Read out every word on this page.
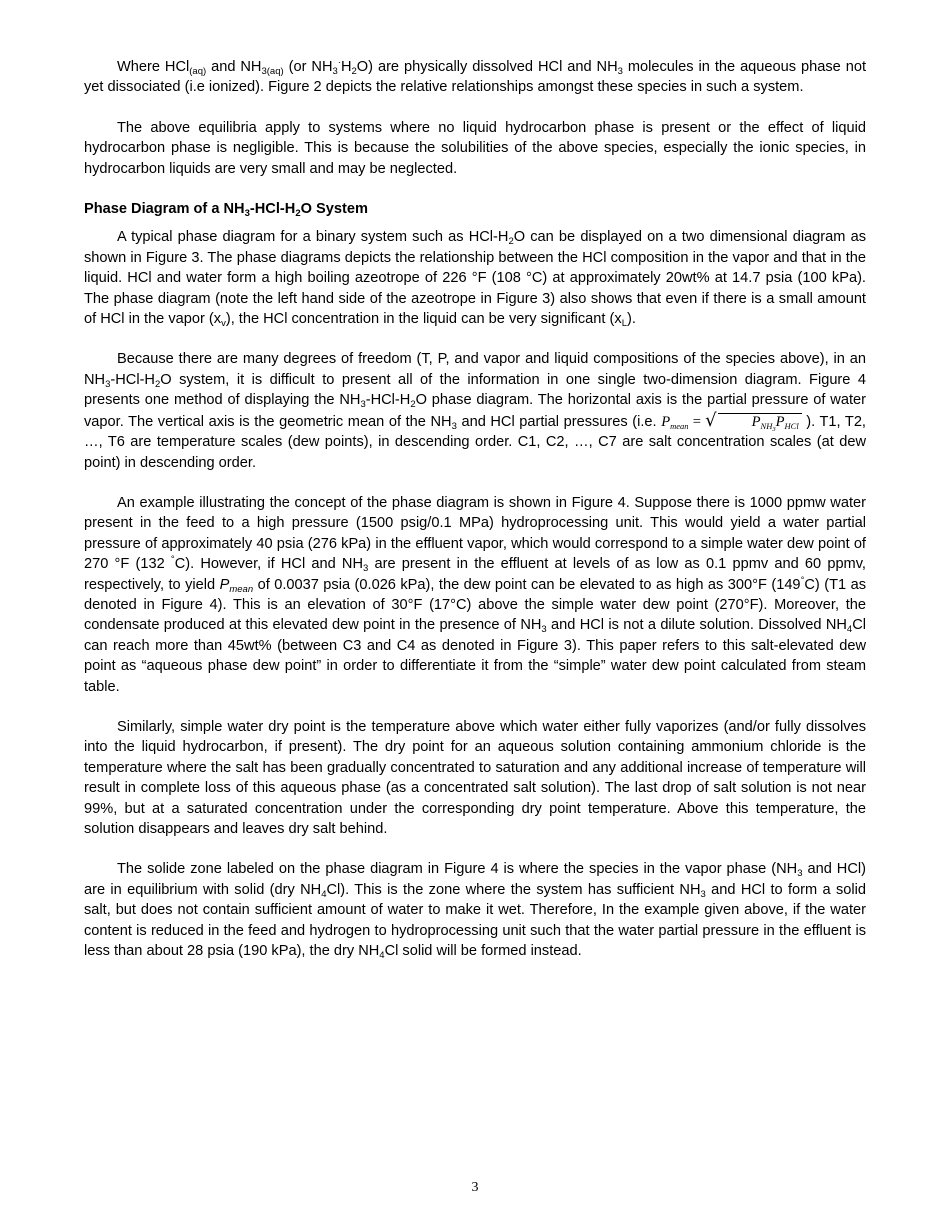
Where HCl$_{(aq)}$ and $NH_{3(aq)}$ (or $NH_3^\cdot H_2O$) are physically dissolved HCl and $NH_3$ molecules in the aqueous phase not yet dissociated (i.e ionized). Figure 2 depicts the relative relationships amongst these species in such a system.

The above equilibria apply to systems where no liquid hydrocarbon phase is present or the effect of liquid hydrocarbon phase is negligible. This is because the solubilities of the above species, especially the ionic species, in hydrocarbon liquids are very small and may be neglected.

Phase Diagram of a $NH_3-HCl-H_2O$ System

A typical phase diagram for a binary system such as HCl-$H_2O$ can be displayed on a two dimensional diagram as shown in Figure 3. The phase diagrams depicts the relationship between the HCl composition in the vapor and that in the liquid. HCl and water form a high boiling azeotrope of 226 °F (108 °C) at approximately 20wt% at 14.7 psia (100 kPa). The phase diagram (note the left hand side of the azeotrope in Figure 3) also shows that even if there is a small amount of HCl in the vapor $(x_v)$, the HCl concentration in the liquid can be very significant $(x_L)$.

Because there are many degrees of freedom (T, P, and vapor and liquid compositions of the species above), in an $NH_3-HCl-H_2O$ system, it is difficult to present all of the information in one single two-dimension diagram. Figure 4 presents one method of displaying the $NH_3-HCl-H_2O$ phase diagram. The horizontal axis is the partial pressure of water vapor. The vertical axis is the geometric mean of the $NH_3$ and HCl partial pressures (i.e. $P_{mean}$ = √ $P_{NH_3}P_{HCl}$ ). T1, T2, …, T6 are temperature scales (dew points), in descending order. C1, C2, …, C7 are salt concentration scales (at dew point) in descending order.

An example illustrating the concept of the phase diagram is shown in Figure 4. Suppose there is 1000 ppmw water present in the feed to a high pressure (1500 psig/0.1 MPa) hydroprocessing unit. This would yield a water partial pressure of approximately 40 psia (276 kPa) in the effluent vapor, which would correspond to a simple water dew point of 270 °F (132 °C). However, if HCl and $NH_3$ are present in the effluent at levels of as low as 0.1 ppmv and 60 ppmv, respectively, to yield $P_{mean}$ of 0.0037 psia (0.026 kPa), the dew point can be elevated to as high as 300°F (149°C) (T1 as denoted in Figure 4). This is an elevation of 30°F (17°C) above the simple water dew point (270°F). Moreover, the condensate produced at this elevated dew point in the presence of $NH_3$ and HCl is not a dilute solution. Dissolved $NH_4Cl$ can reach more than 45wt% (between C3 and C4 as denoted in Figure 3). This paper refers to this salt-elevated dew point as “aqueous phase dew point” in order to differentiate it from the “simple” water dew point calculated from steam table.

Similarly, simple water dry point is the temperature above which water either fully vaporizes (and/or fully dissolves into the liquid hydrocarbon, if present). The dry point for an aqueous solution containing ammonium chloride is the temperature where the salt has been gradually concentrated to saturation and any additional increase of temperature will result in complete loss of this aqueous phase (as a concentrated salt solution). The last drop of salt solution is not near 99%, but at a saturated concentration under the corresponding dry point temperature. Above this temperature, the solution disappears and leaves dry salt behind.

The solide zone labeled on the phase diagram in Figure 4 is where the species in the vapor phase ($NH_3$ and HCl) are in equilibrium with solid (dry $NH_4Cl$). This is the zone where the system has sufficient $NH_3$ and HCl to form a solid salt, but does not contain sufficient amount of water to make it wet. Therefore, In the example given above, if the water content is reduced in the feed and hydrogen to hydroprocessing unit such that the water partial pressure in the effluent is less than about 28 psia (190 kPa), the dry $NH_4Cl$ solid will be formed instead.

3
